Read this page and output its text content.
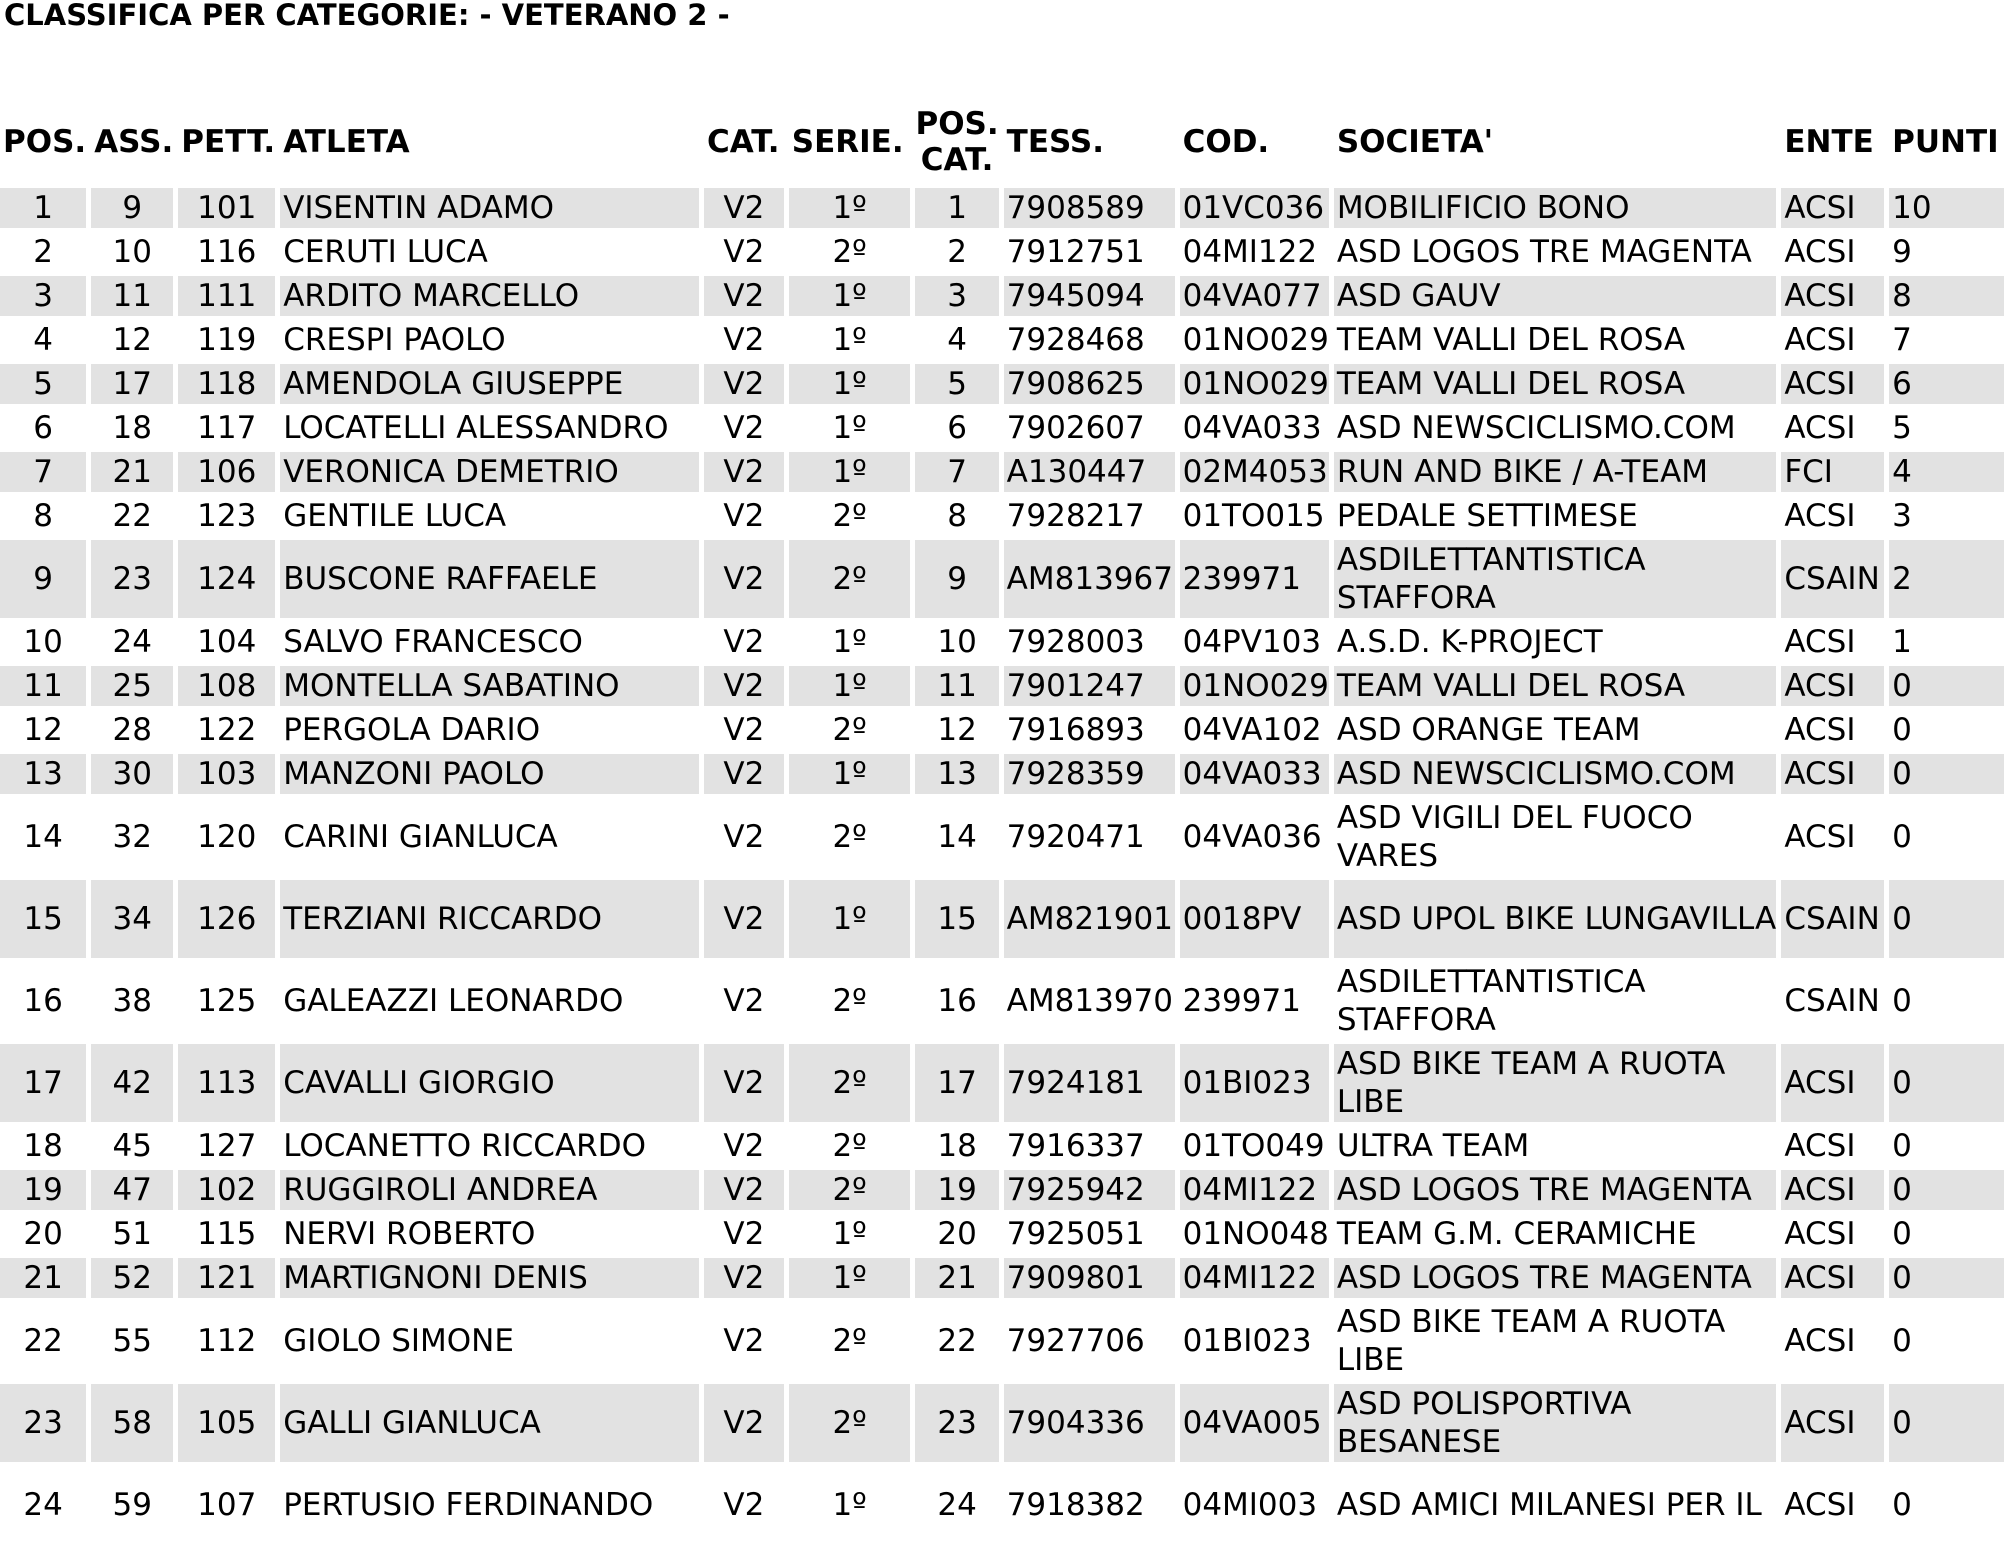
CLASSIFICA PER CATEGORIE: - VETERANO 2 -
POS.	ASS.	PETT.	ATLETA	CAT.	SERIE.	POS. CAT.	TESS.	COD.	SOCIETA'	ENTE	PUNTI
1	9	101	VISENTIN ADAMO	V2	1º	1	7908589	01VC036	MOBILIFICIO BONO	ACSI	10
2	10	116	CERUTI LUCA	V2	2º	2	7912751	04MI122	ASD LOGOS TRE MAGENTA	ACSI	9
3	11	111	ARDITO MARCELLO	V2	1º	3	7945094	04VA077	ASD GAUV	ACSI	8
4	12	119	CRESPI PAOLO	V2	1º	4	7928468	01NO029	TEAM VALLI DEL ROSA	ACSI	7
5	17	118	AMENDOLA GIUSEPPE	V2	1º	5	7908625	01NO029	TEAM VALLI DEL ROSA	ACSI	6
6	18	117	LOCATELLI ALESSANDRO	V2	1º	6	7902607	04VA033	ASD NEWSCICLISMO.COM	ACSI	5
7	21	106	VERONICA DEMETRIO	V2	1º	7	A130447	02M4053	RUN AND BIKE / A-TEAM	FCI	4
8	22	123	GENTILE LUCA	V2	2º	8	7928217	01TO015	PEDALE SETTIMESE	ACSI	3
9	23	124	BUSCONE RAFFAELE	V2	2º	9	AM813967	239971	ASDILETTANTISTICA STAFFORA	CSAIN	2
10	24	104	SALVO FRANCESCO	V2	1º	10	7928003	04PV103	A.S.D. K-PROJECT	ACSI	1
11	25	108	MONTELLA SABATINO	V2	1º	11	7901247	01NO029	TEAM VALLI DEL ROSA	ACSI	0
12	28	122	PERGOLA DARIO	V2	2º	12	7916893	04VA102	ASD ORANGE TEAM	ACSI	0
13	30	103	MANZONI PAOLO	V2	1º	13	7928359	04VA033	ASD NEWSCICLISMO.COM	ACSI	0
14	32	120	CARINI GIANLUCA	V2	2º	14	7920471	04VA036	ASD VIGILI DEL FUOCO VARES	ACSI	0
15	34	126	TERZIANI RICCARDO	V2	1º	15	AM821901	0018PV	ASD UPOL BIKE LUNGAVILLA	CSAIN	0
16	38	125	GALEAZZI LEONARDO	V2	2º	16	AM813970	239971	ASDILETTANTISTICA STAFFORA	CSAIN	0
17	42	113	CAVALLI GIORGIO	V2	2º	17	7924181	01BI023	ASD BIKE TEAM A RUOTA LIBE	ACSI	0
18	45	127	LOCANETTO RICCARDO	V2	2º	18	7916337	01TO049	ULTRA TEAM	ACSI	0
19	47	102	RUGGIROLI ANDREA	V2	2º	19	7925942	04MI122	ASD LOGOS TRE MAGENTA	ACSI	0
20	51	115	NERVI ROBERTO	V2	1º	20	7925051	01NO048	TEAM G.M. CERAMICHE	ACSI	0
21	52	121	MARTIGNONI DENIS	V2	1º	21	7909801	04MI122	ASD LOGOS TRE MAGENTA	ACSI	0
22	55	112	GIOLO SIMONE	V2	2º	22	7927706	01BI023	ASD BIKE TEAM A RUOTA LIBE	ACSI	0
23	58	105	GALLI GIANLUCA	V2	2º	23	7904336	04VA005	ASD POLISPORTIVA BESANESE	ACSI	0
24	59	107	PERTUSIO FERDINANDO	V2	1º	24	7918382	04MI003	ASD AMICI MILANESI PER IL	ACSI	0
